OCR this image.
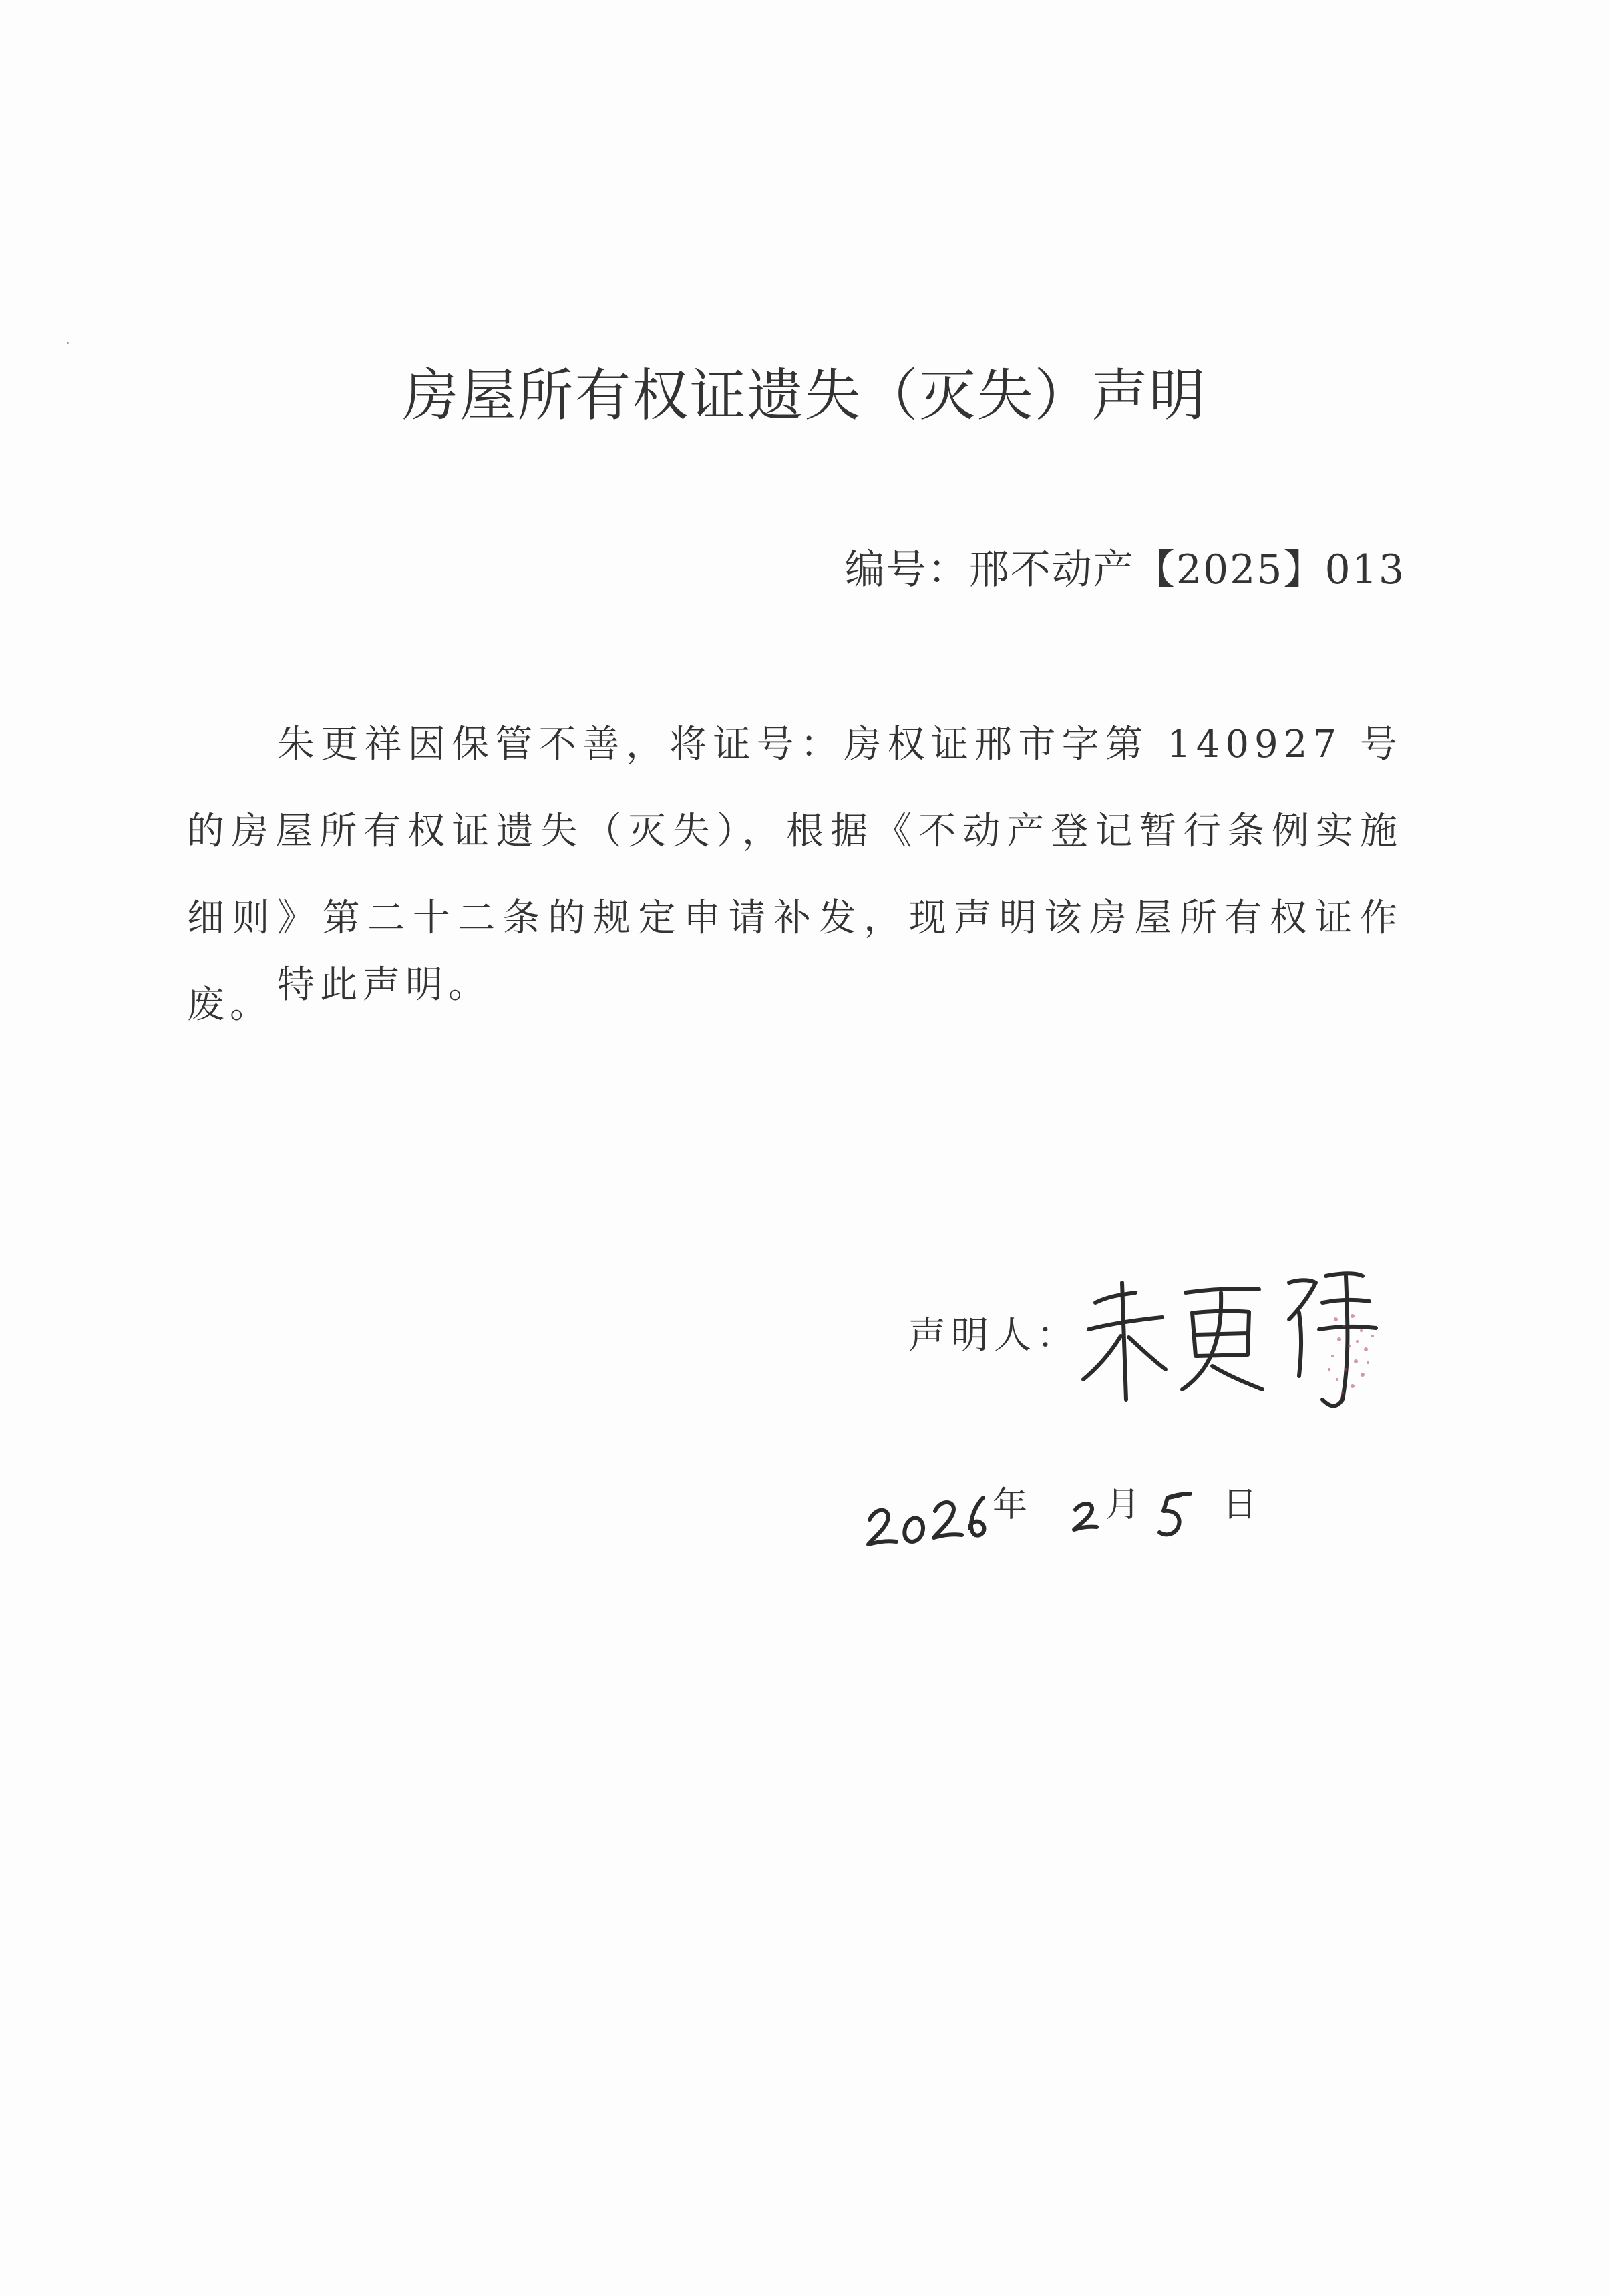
房屋所有权证遗失（灭失）声明
编号：邢不动产【2025】013

朱更祥因保管不善，将证号：房权证邢市字第 140927 号的房屋所有权证遗失（灭失），根据《不动产登记暂行条例实施细则》第二十二条的规定申请补发，现声明该房屋所有权证作废。 特此声明。

声明人：
年 月 日
